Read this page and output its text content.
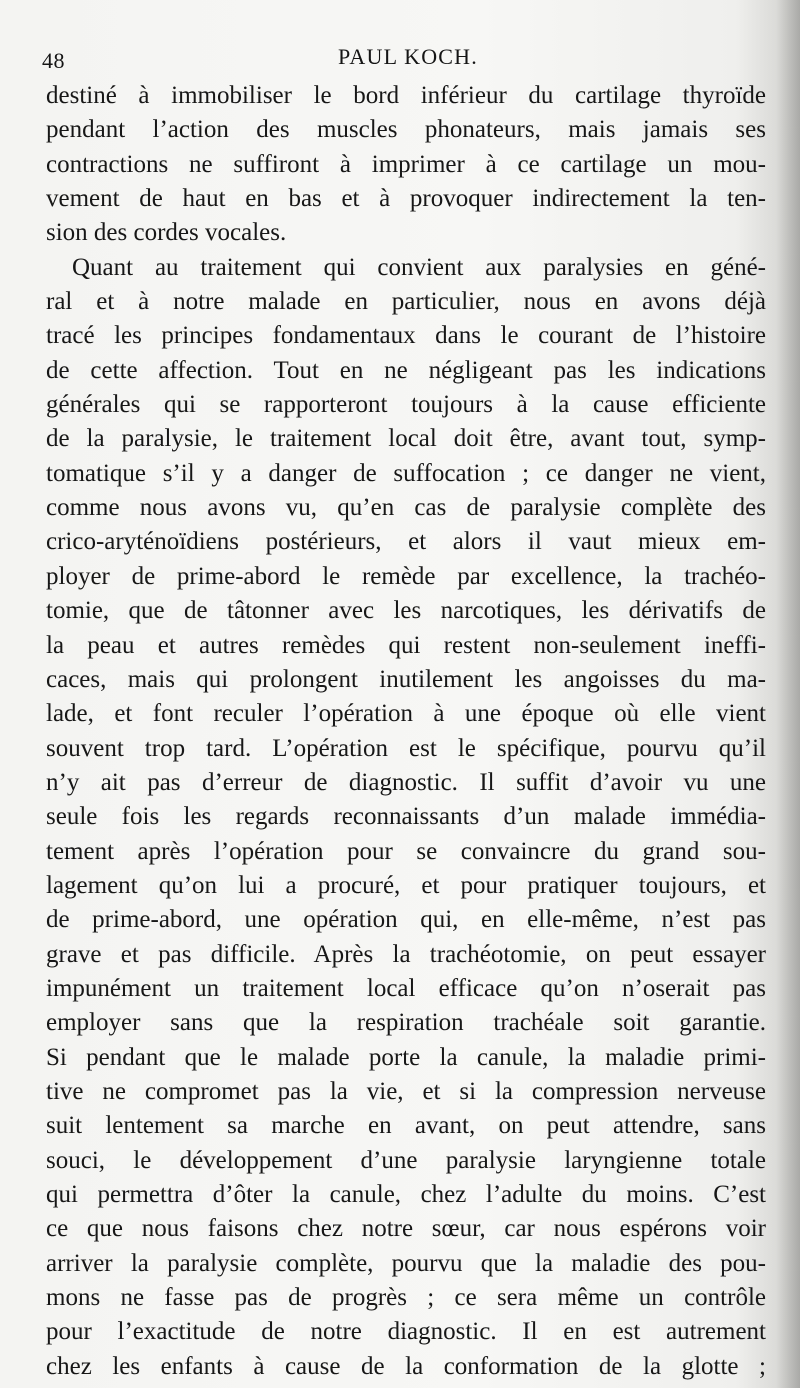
48	PAUL KOCH.
destiné à immobiliser le bord inférieur du cartilage thyroïde
pendant l’action des muscles phonateurs, mais jamais ses
contractions ne suffiront à imprimer à ce cartilage un mou-
vement de haut en bas et à provoquer indirectement la ten-
sion des cordes vocales.
Quant au traitement qui convient aux paralysies en géné-
ral et à notre malade en particulier, nous en avons déjà
tracé les principes fondamentaux dans le courant de l’histoire
de cette affection. Tout en ne négligeant pas les indications
générales qui se rapporteront toujours à la cause efficiente
de la paralysie, le traitement local doit être, avant tout, symp-
tomatique s’il y a danger de suffocation ; ce danger ne vient,
comme nous avons vu, qu’en cas de paralysie complète des
crico-aryténoïdiens postérieurs, et alors il vaut mieux em-
ployer de prime-abord le remède par excellence, la trachéo-
tomie, que de tâtonner avec les narcotiques, les dérivatifs de
la peau et autres remèdes qui restent non-seulement ineffi-
caces, mais qui prolongent inutilement les angoisses du ma-
lade, et font reculer l’opération à une époque où elle vient
souvent trop tard. L’opération est le spécifique, pourvu qu’il
n’y ait pas d’erreur de diagnostic. Il suffit d’avoir vu une
seule fois les regards reconnaissants d’un malade immédia-
tement après l’opération pour se convaincre du grand sou-
lagement qu’on lui a procuré, et pour pratiquer toujours, et
de prime-abord, une opération qui, en elle-même, n’est pas
grave et pas difficile. Après la trachéotomie, on peut essayer
impunément un traitement local efficace qu’on n’oserait pas
employer sans que la respiration trachéale soit garantie.
Si pendant que le malade porte la canule, la maladie primi-
tive ne compromet pas la vie, et si la compression nerveuse
suit lentement sa marche en avant, on peut attendre, sans
souci, le développement d’une paralysie laryngienne totale
qui permettra d’ôter la canule, chez l’adulte du moins. C’est
ce que nous faisons chez notre sœur, car nous espérons voir
arriver la paralysie complète, pourvu que la maladie des pou-
mons ne fasse pas de progrès ; ce sera même un contrôle
pour l’exactitude de notre diagnostic. Il en est autrement
chez les enfants à cause de la conformation de la glotte ;
